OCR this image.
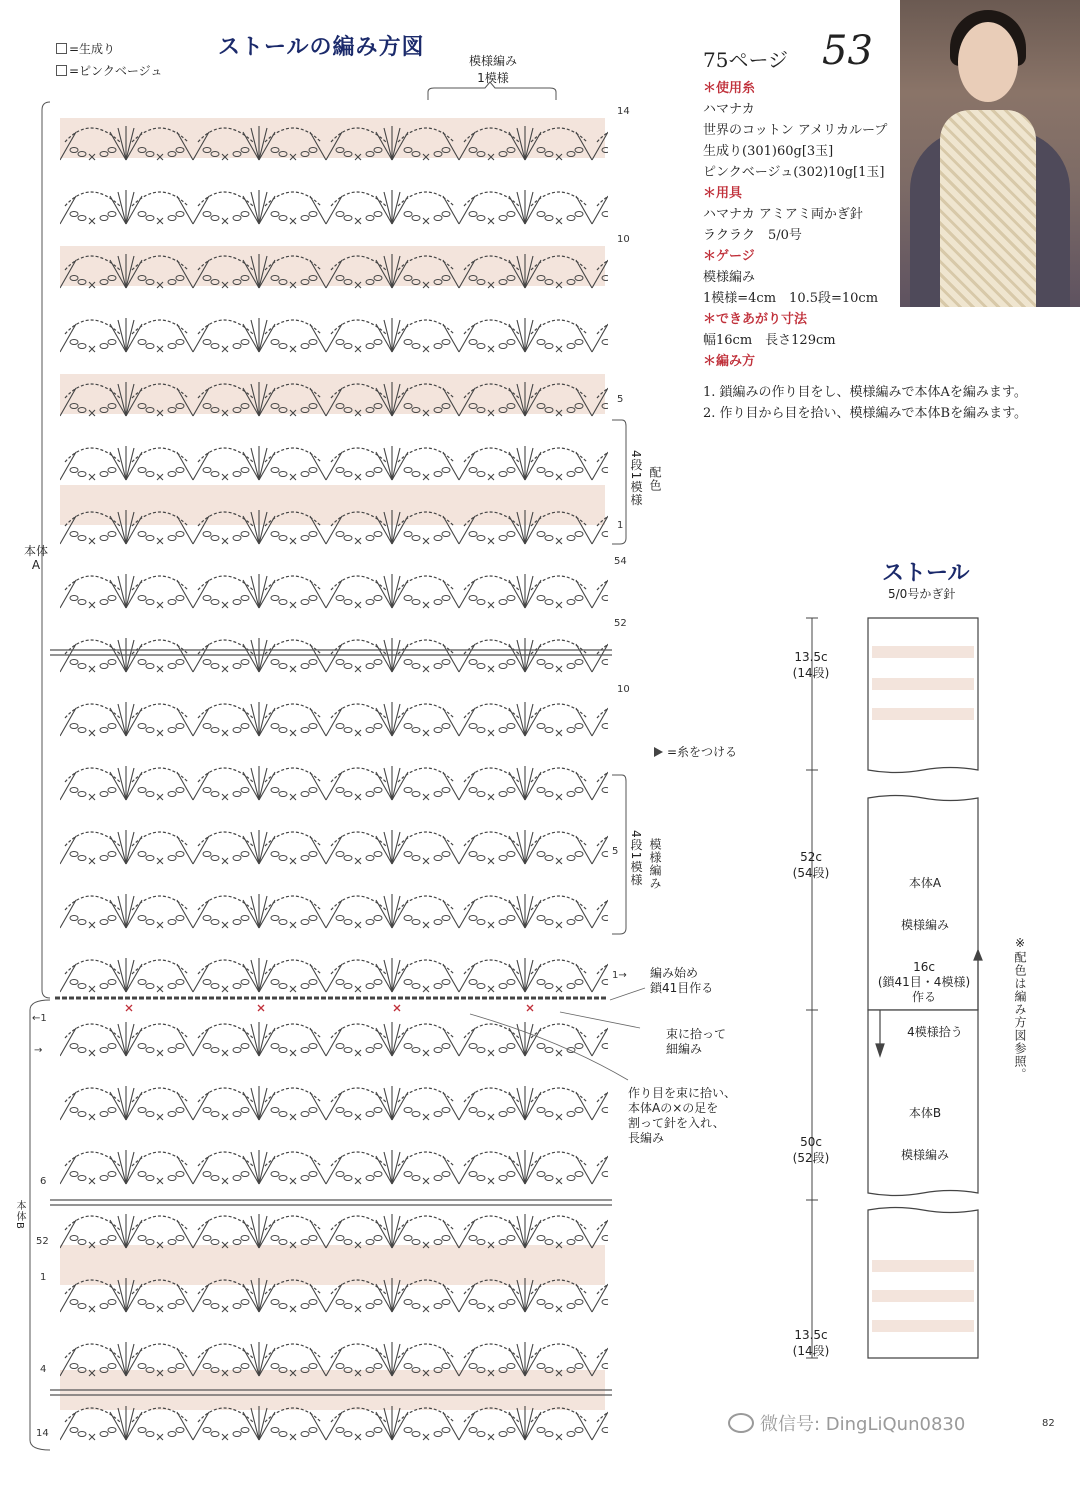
ストールの編み方図
=生成り
=ピンクベージュ
模様編み
1模様
14
10
5
1
54
52
10
5
1→
←1
→
6
52
1
4
14
本体
A
本体B
4段1模様 配色
4段1模様 模様編み
=糸をつける
編み始め
鎖41目作る
束に拾って
細編み
作り目を束に拾い、
本体Aの×の足を
割って針を入れ、
長編み
75ページ 53
＊使用糸
ハマナカ
世界のコットン アメリカループ
生成り(301)60g[3玉]
ピンクベージュ(302)10g[1玉]
＊用具
ハマナカ アミアミ両かぎ針
ラクラク　5/0号
＊ゲージ
模様編み
1模様=4cm　10.5段=10cm
＊できあがり寸法
幅16cm　長さ129cm
＊編み方
1. 鎖編みの作り目をし、模様編みで本体Aを編みます。
2. 作り目から目を拾い、模様編みで本体Bを編みます。
ストール
5/0号かぎ針
13.5c
(14段)
52c
(54段)
50c
(52段)
13.5c
(14段)
本体A
模様編み
16c
(鎖41目・4模様)
作る
4模様拾う
本体B
模様編み
※配色は編み方図参照。
微信号: DingLiQun0830	82
